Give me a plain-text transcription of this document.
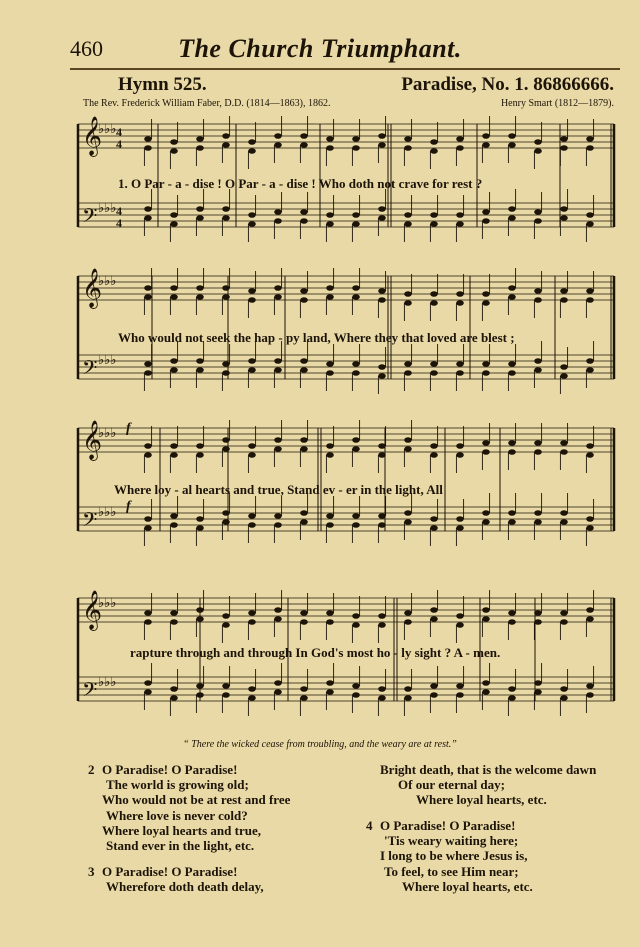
460	The Church Triumphant.
Hymn 525.	Paradise, No. 1. 86866666.
The Rev. Frederick William Faber, D.D. (1814—1863), 1862.	Henry Smart (1812—1879).
𝄞
♭♭♭ 4
4
𝄢 ♭♭♭ 4
4
𝄞
♭♭♭
𝄢 ♭♭♭
𝄞
♭♭♭
𝄢 ♭♭♭
𝄞
♭♭♭
𝄢 ♭♭♭
f
f
1. O Par - a - dise ! O Par - a - dise ! Who doth not crave for rest ?
Who would not seek the hap - py land, Where they that loved are blest ;
Where loy - al hearts and true, Stand ev - er in the light, All
rapture through and through In God's most ho - ly sight ? A - men.
“ There the wicked cease from troubling, and the weary are at rest.”
2 O Paradise! O Paradise!
The world is growing old;
Who would not be at rest and free
Where love is never cold?
Where loyal hearts and true,
Stand ever in the light, etc.
3 O Paradise! O Paradise!
Wherefore doth death delay,
Bright death, that is the welcome dawn
Of our eternal day;
Where loyal hearts, etc.
4 O Paradise! O Paradise!
'Tis weary waiting here;
I long to be where Jesus is,
To feel, to see Him near;
Where loyal hearts, etc.
